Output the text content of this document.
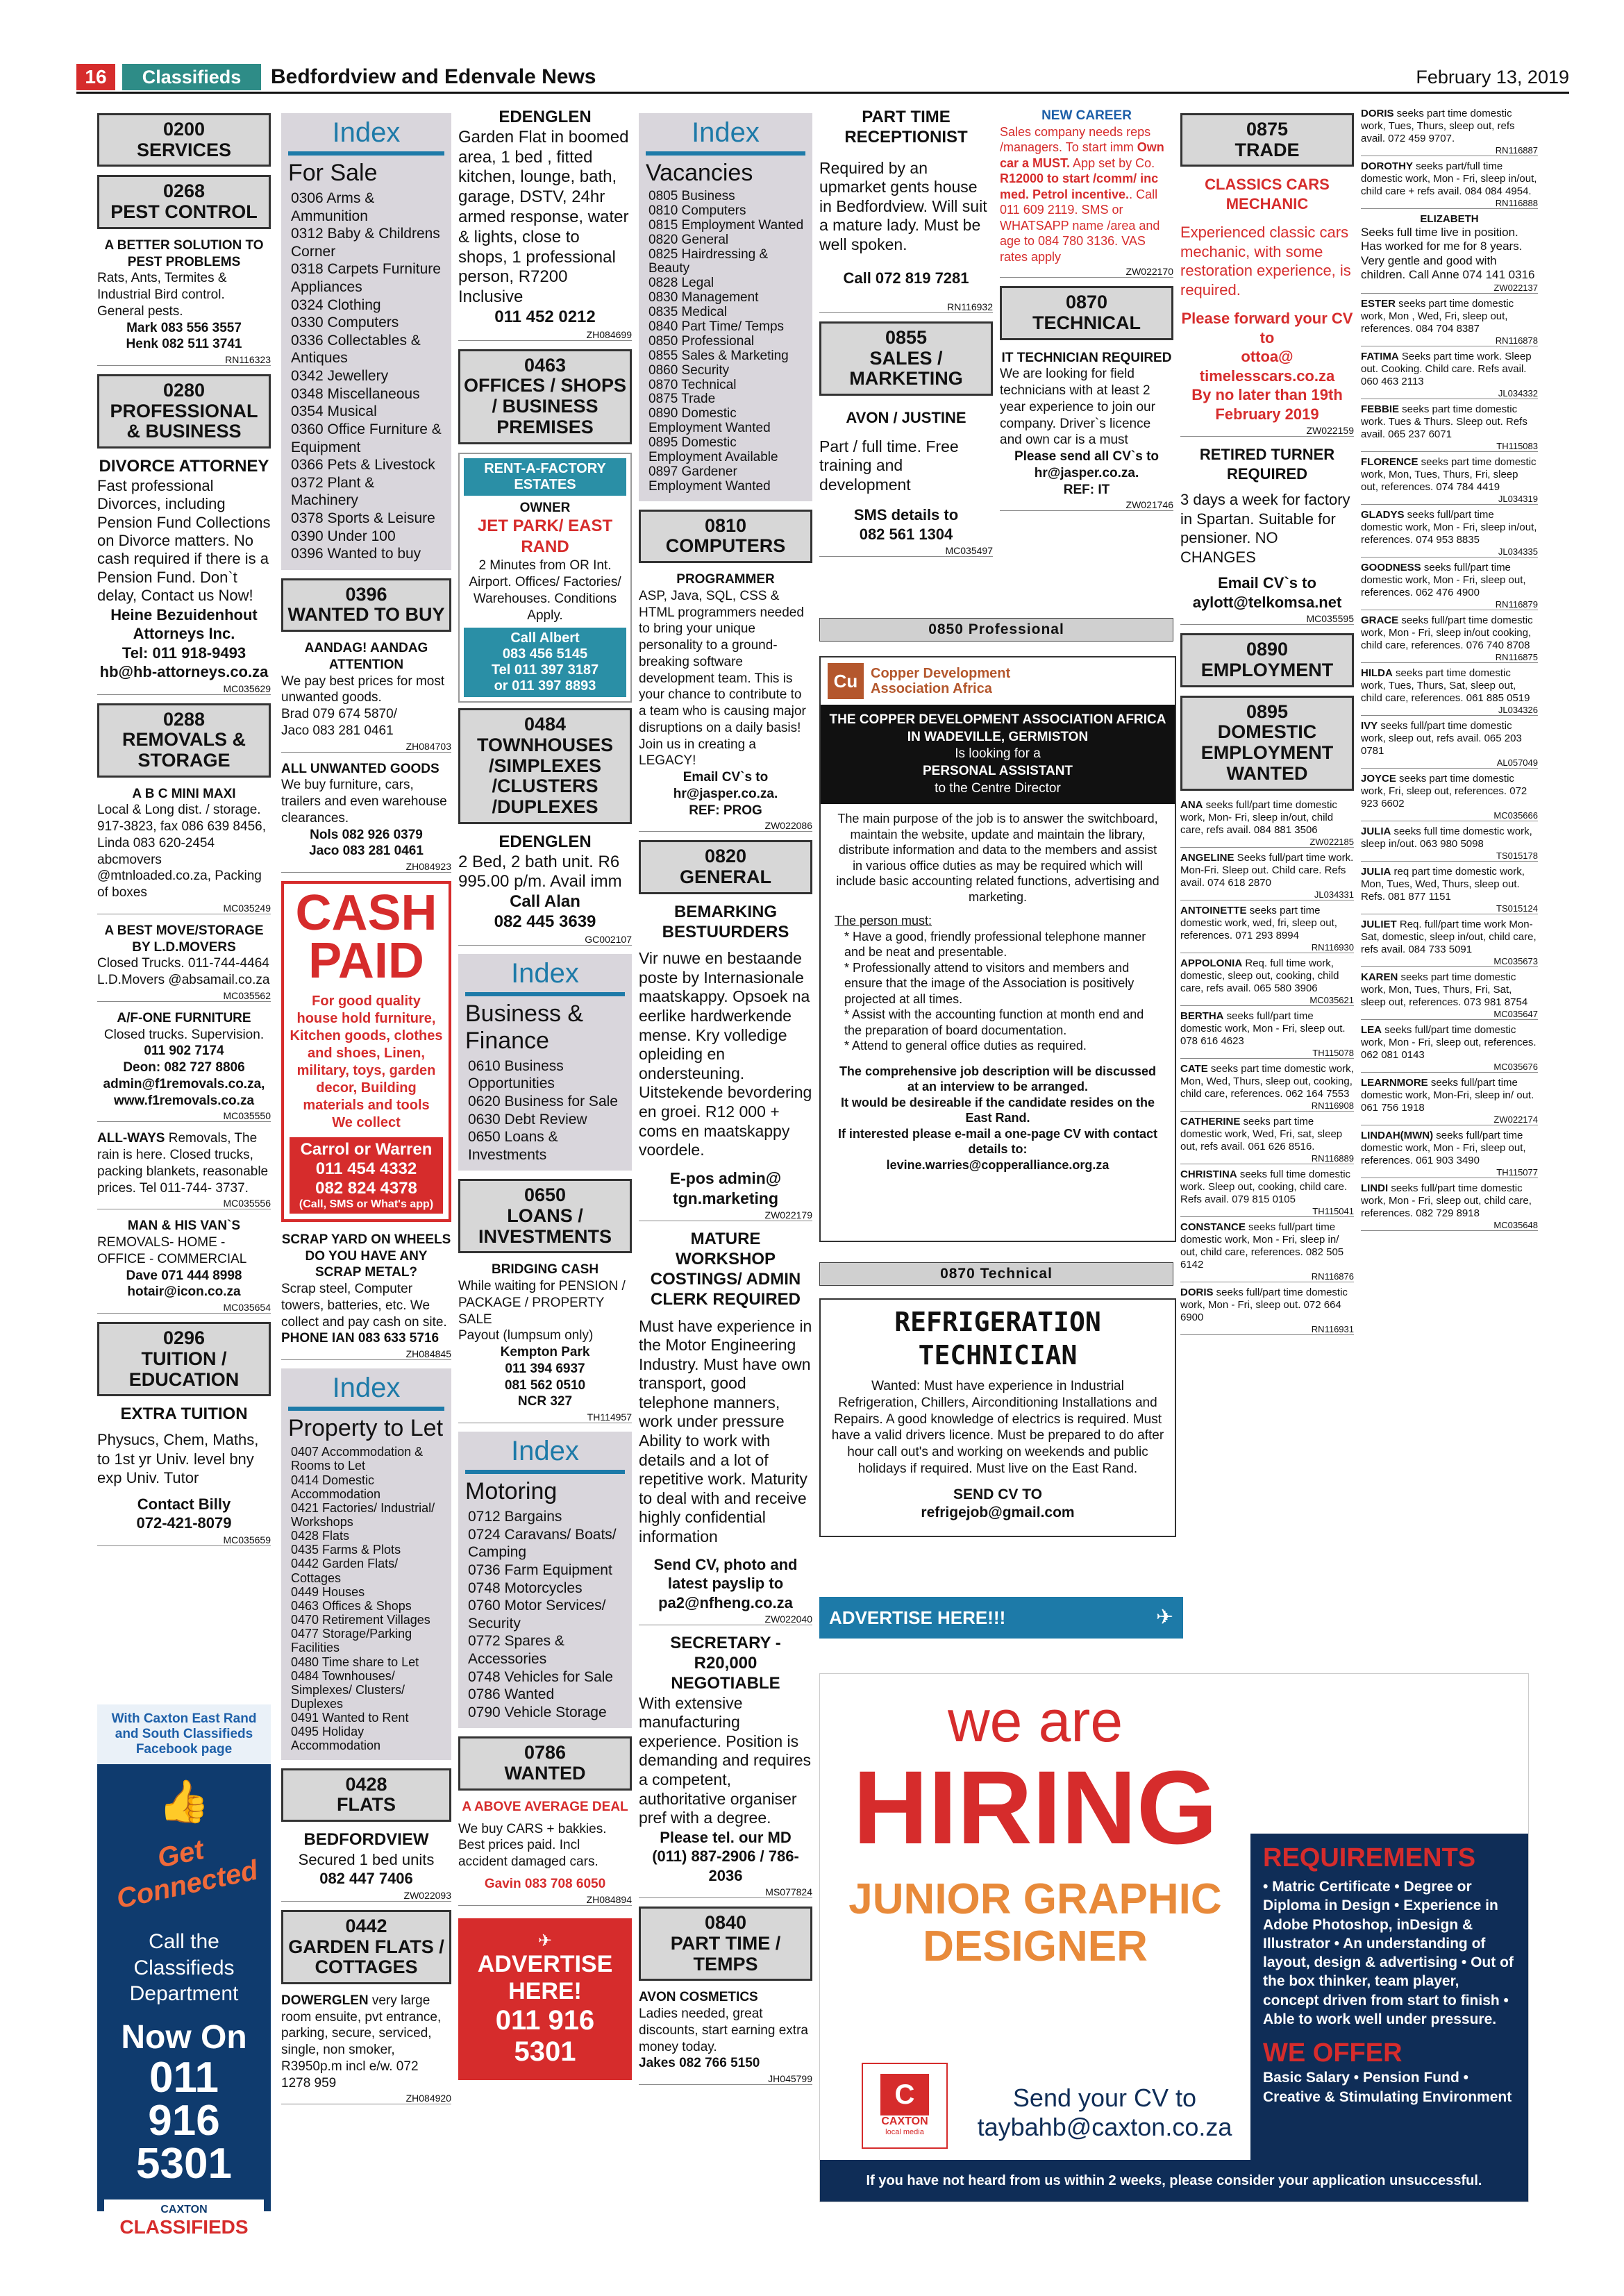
16	Classifieds	Bedfordview and Edenvale News	February 13, 2019
0200
SERVICES
0268
PEST CONTROL

A BETTER SOLUTION TO PEST PROBLEMS

Rats, Ants, Termites & Industrial Bird control.

General pests.

Mark 083 556 3557

Henk 082 511 3741

RN116323
0280
PROFESSIONAL & BUSINESS

DIVORCE ATTORNEY

Fast professional Divorces, including Pension Fund Collections on Divorce matters. No cash required if there is a Pension Fund. Don`t delay, Contact us Now!

Heine Bezuidenhout Attorneys Inc.

Tel: 011 918-9493

hb@hb-attorneys.co.za

MC035629
0288
REMOVALS & STORAGE

A B C MINI MAXI

Local & Long dist. / storage. 917-3823, fax 086 639 8456, Linda 083 620-2454 abcmovers @mtnloaded.co.za, Packing of boxes

MC035249

A BEST MOVE/STORAGE BY L.D.MOVERS

Closed Trucks. 011-744-4464 L.D.Movers @absamail.co.za

MC035562

A/F-ONE FURNITURE

Closed trucks. Supervision.

011 902 7174

Deon: 082 727 8806

admin@f1removals.co.za,

www.f1removals.co.za

MC035550

ALL-WAYS Removals, The rain is here. Closed trucks, packing blankets, reasonable prices. Tel 011-744- 3737.

MC035556

MAN & HIS VAN`S

REMOVALS- HOME - OFFICE - COMMERCIAL

Dave 071 444 8998

hotair@icon.co.za

MC035654
0296
TUITION / EDUCATION

EXTRA TUITION

Physucs, Chem, Maths, to 1st yr Univ. level bny exp Univ. Tutor

Contact Billy

072-421-8079

MC035659
With Caxton East Rand and South Classifieds Facebook page
👍
Get Connected
Call the Classifieds Department
Now On
011
916
5301
CAXTON
CLASSIFIEDS
Index
For Sale
0306 Arms & Ammunition
0312 Baby & Childrens Corner
0318 Carpets Furniture Appliances
0324 Clothing
0330 Computers
0336 Collectables & Antiques
0342 Jewellery
0348 Miscellaneous
0354 Musical
0360 Office Furniture & Equipment
0366 Pets & Livestock
0372 Plant & Machinery
0378 Sports & Leisure
0390 Under 100
0396 Wanted to buy
0396
WANTED TO BUY

AANDAG! AANDAG ATTENTION

We pay best prices for most unwanted goods.

Brad 079 674 5870/

Jaco 083 281 0461

ZH084703

ALL UNWANTED GOODS

We buy furniture, cars, trailers and even warehouse clearances.

Nols 082 926 0379

Jaco 083 281 0461

ZH084923
CASH
PAID

For good quality house hold furniture, Kitchen goods, clothes and shoes, Linen, military, toys, garden decor, Building materials and tools

We collect

Carrol or Warren
011 454 4332
082 824 4378
(Call, SMS or What's app)

SCRAP YARD ON WHEELS

DO YOU HAVE ANY SCRAP METAL?

Scrap steel, Computer towers, batteries, etc. We collect and pay cash on site.

PHONE IAN 083 633 5716

ZH084845
Index
Property to Let
0407 Accommodation & Rooms to Let
0414 Domestic Accommodation
0421 Factories/ Industrial/ Workshops
0428 Flats
0435 Farms & Plots
0442 Garden Flats/ Cottages
0449 Houses
0463 Offices & Shops
0470 Retirement Villages
0477 Storage/Parking Facilities
0480 Time share to Let
0484 Townhouses/ Simplexes/ Clusters/ Duplexes
0491 Wanted to Rent
0495 Holiday Accommodation
0428
FLATS

BEDFORDVIEW

Secured 1 bed units

082 447 7406

ZW022093
0442
GARDEN FLATS / COTTAGES

DOWERGLEN very large room ensuite, pvt entrance, parking, secure, serviced, single, non smoker, R3950p.m incl e/w. 072 1278 959

ZH084920

EDENGLEN

Garden Flat in boomed area, 1 bed , fitted kitchen, lounge, bath, garage, DSTV, 24hr armed response, water & lights, close to shops, 1 professional person, R7200 Inclusive

011 452 0212

ZH084699
0463
OFFICES / SHOPS / BUSINESS PREMISES
RENT-A-FACTORY ESTATES

OWNER

JET PARK/ EAST RAND

2 Minutes from OR Int. Airport. Offices/ Factories/ Warehouses. Conditions Apply.

Call Albert
083 456 5145
Tel 011 397 3187
or 011 397 8893
0484
TOWNHOUSES /SIMPLEXES /CLUSTERS /DUPLEXES

EDENGLEN

2 Bed, 2 bath unit. R6 995.00 p/m. Avail imm

Call Alan

082 445 3639

GC002107
Index
Business & Finance
0610 Business Opportunities
0620 Business for Sale
0630 Debt Review
0650 Loans & Investments
0650
LOANS / INVESTMENTS

BRIDGING CASH

While waiting for PENSION / PACKAGE / PROPERTY SALE

Payout (lumpsum only)

Kempton Park

011 394 6937

081 562 0510

NCR 327

TH114957
Index
Motoring
0712 Bargains
0724 Caravans/ Boats/ Camping
0736 Farm Equipment
0748 Motorcycles
0760 Motor Services/ Security
0772 Spares & Accessories
0748 Vehicles for Sale
0786 Wanted
0790 Vehicle Storage
0786
WANTED

A ABOVE AVERAGE DEAL

We buy CARS + bakkies. Best prices paid. Incl accident damaged cars.

Gavin 083 708 6050

ZH084894
✈
ADVERTISE HERE!
011 916 5301
Index
Vacancies
0805 Business
0810 Computers
0815 Employment Wanted
0820 General
0825 Hairdressing & Beauty
0828 Legal
0830 Management
0835 Medical
0840 Part Time/ Temps
0850 Professional
0855 Sales & Marketing
0860 Security
0870 Technical
0875 Trade
0890 Domestic Employment Wanted
0895 Domestic Employment Available
0897 Gardener Employment Wanted
0810
COMPUTERS

PROGRAMMER

ASP, Java, SQL, CSS & HTML programmers needed to bring your unique personality to a ground-breaking software development team. This is your chance to contribute to a team who is causing major disruptions on a daily basis! Join us in creating a LEGACY!

Email CV`s to

hr@jasper.co.za.

REF: PROG

ZW022086
0820
GENERAL

BEMARKING BESTUURDERS

Vir nuwe en bestaande poste by Internasionale maatskappy. Opsoek na eerlike hardwerkende mense. Kry volledige opleiding en ondersteuning. Uitstekende bevordering en groei. R12 000 + coms en maatskappy voordele.

E-pos admin@ tgn.marketing

ZW022179

MATURE WORKSHOP COSTINGS/ ADMIN CLERK REQUIRED

Must have experience in the Motor Engineering Industry. Must have own transport, good telephone manners, work under pressure Ability to work with details and a lot of repetitive work. Maturity to deal with and receive highly confidential information

Send CV, photo and latest payslip to pa2@nfheng.co.za

ZW022040

SECRETARY - R20,000 NEGOTIABLE

With extensive manufacturing experience. Position is demanding and requires a competent, authoritative organiser pref with a degree.

Please tel. our MD

(011) 887-2906 / 786-2036

MS077824
0840
PART TIME / TEMPS

AVON COSMETICS

Ladies needed, great discounts, start earning extra money today.

Jakes 082 766 5150

JH045799

PART TIME RECEPTIONIST

Required by an upmarket gents house in Bedfordview. Will suit a mature lady. Must be well spoken.

Call 072 819 7281

RN116932
0855
SALES / MARKETING

AVON / JUSTINE

Part / full time. Free training and development

SMS details to

082 561 1304

MC035497

NEW CAREER

Sales company needs reps /managers. To start imm Own car a MUST. App set by Co. R12000 to start /comm/ inc med. Petrol incentive.. Call 011 609 2119. SMS or WHATSAPP name /area and age to 084 780 3136. VAS rates apply

ZW022170
0870
TECHNICAL

IT TECHNICIAN REQUIRED

We are looking for field technicians with at least 2 year experience to join our company. Driver`s licence and own car is a must

Please send all CV`s to

hr@jasper.co.za.

REF: IT

ZW021746
0850 Professional
Cu Copper Development
Association Africa
THE COPPER DEVELOPMENT ASSOCIATION AFRICA IN WADEVILLE, GERMISTON
Is looking for a
PERSONAL ASSISTANT
to the Centre Director

The main purpose of the job is to answer the switchboard, maintain the website, update and maintain the library, distribute information and data to the members and assist in various office duties as may be required which will include basic accounting related functions, advertising and marketing.

The person must:

* Have a good, friendly professional telephone manner and be neat and presentable.
* Professionally attend to visitors and members and ensure that the image of the Association is positively projected at all times.
* Assist with the accounting function at month end and the preparation of board documentation.
* Attend to general office duties as required.

The comprehensive job description will be discussed at an interview to be arranged.

It would be desireable if the candidate resides on the East Rand.

If interested please e-mail a one-page CV with contact details to:

levine.warries@copperalliance.org.za

0870 Technical
REFRIGERATION
TECHNICIAN

Wanted: Must have experience in Industrial Refrigeration, Chillers, Airconditioning Installations and Repairs. A good knowledge of electrics is required. Must have a valid drivers licence. Must be prepared to do after hour call out's and working on weekends and public holidays if required. Must live on the East Rand.

SEND CV TO

refrigejob@gmail.com

ADVERTISE HERE!!!	✈
0875
TRADE

CLASSICS CARS MECHANIC

Experienced classic cars mechanic, with some restoration experience, is required.

Please forward your CV to

ottoa@ timelesscars.co.za

By no later than 19th February 2019

ZW022159

RETIRED TURNER REQUIRED

3 days a week for factory in Spartan. Suitable for pensioner. NO CHANGES

Email CV`s to

aylott@telkomsa.net

MC035595
0890
EMPLOYMENT
0895
DOMESTIC EMPLOYMENT WANTED

ANA seeks full/part time domestic work, Mon- Fri, sleep in/out, child care, refs avail. 084 881 3506

ZW022185

ANGELINE Seeks full/part time work. Mon-Fri. Sleep out. Child care. Refs avail. 074 618 2870

JL034331

ANTOINETTE seeks part time domestic work, wed, fri, sleep out, references. 071 293 8994

RN116930

APPOLONIA Req. full time work, domestic, sleep out, cooking, child care, refs avail. 065 580 3906

MC035621

BERTHA seeks full/part time domestic work, Mon - Fri, sleep out. 078 616 4623

TH115078

CATE seeks part time domestic work, Mon, Wed, Thurs, sleep out, cooking, child care, references. 062 164 7553

RN116908

CATHERINE seeks part time domestic work, Wed, Fri, sat, sleep out, refs avail. 061 626 8516.

RN116889

CHRISTINA seeks full time domestic work. Sleep out, cooking, child care. Refs avail. 079 815 0105

TH115041

CONSTANCE seeks full/part time domestic work, Mon - Fri, sleep in/ out, child care, references. 082 505 6142

RN116876

DORIS seeks full/part time domestic work, Mon - Fri, sleep out. 072 664 6900

RN116931

DORIS seeks part time domestic work, Tues, Thurs, sleep out, refs avail. 072 459 9707.

RN116887

DOROTHY seeks part/full time domestic work, Mon - Fri, sleep in/out, child care + refs avail. 084 084 4954.

RN116888

ELIZABETH
Seeks full time live in position. Has worked for me for 8 years. Very gentle and good with children. Call Anne 074 141 0316

ZW022137

ESTER seeks part time domestic work, Mon , Wed, Fri, sleep out, references. 084 704 8387

RN116878

FATIMA Seeks part time work. Sleep out. Cooking. Child care. Refs avail. 060 463 2113

JL034332

FEBBIE seeks part time domestic work. Tues & Thurs. Sleep out. Refs avail. 065 237 6071

TH115083

FLORENCE seeks part time domestic work, Mon, Tues, Thurs, Fri, sleep out, references. 074 784 4419

JL034319

GLADYS seeks full/part time domestic work, Mon - Fri, sleep in/out, references. 074 953 8835

JL034335

GOODNESS seeks full/part time domestic work, Mon - Fri, sleep out, references. 062 476 4900

RN116879

GRACE seeks full/part time domestic work, Mon - Fri, sleep in/out cooking, child care, references. 076 740 8708

RN116875

HILDA seeks part time domestic work, Tues, Thurs, Sat, sleep out, child care, references. 061 885 0519

JL034326

IVY seeks full/part time domestic work, sleep out, refs avail. 065 203 0781

AL057049

JOYCE seeks part time domestic work, Fri, sleep out, references. 072 923 6602

MC035666

JULIA seeks full time domestic work, sleep in/out. 063 980 5098

TS015178

JULIA req part time domestic work, Mon, Tues, Wed, Thurs, sleep out. Refs. 081 877 1151

TS015124

JULIET Req. full/part time work Mon-Sat, domestic, sleep in/out, child care, refs avail. 084 733 5091

MC035673

KAREN seeks part time domestic work, Mon, Tues, Thurs, Fri, Sat, sleep out, references. 073 981 8754

MC035647

LEA seeks full/part time domestic work, Mon - Fri, sleep out, references. 062 081 0143

MC035676

LEARNMORE seeks full/part time domestic work, Mon-Fri, sleep in/ out. 061 756 1918

ZW022174

LINDAH(MWN) seeks full/part time domestic work, Mon - Fri, sleep out, references. 061 903 3490

TH115077

LINDI seeks full/part time domestic work, Mon - Fri, sleep out, child care, references. 082 729 8918

MC035648
we are
HIRING
JUNIOR GRAPHIC
DESIGNER
C
CAXTON
local media
Send your CV to
taybahb@caxton.co.za
REQUIREMENTS
• Matric Certificate • Degree or Diploma in Design • Experience in Adobe Photoshop, inDesign & Illustrator • An understanding of layout, design & advertising • Out of the box thinker, team player, concept driven from start to finish • Able to work well under pressure.
WE OFFER
Basic Salary • Pension Fund • Creative & Stimulating Environment
If you have not heard from us within 2 weeks, please consider your application unsuccessful.
